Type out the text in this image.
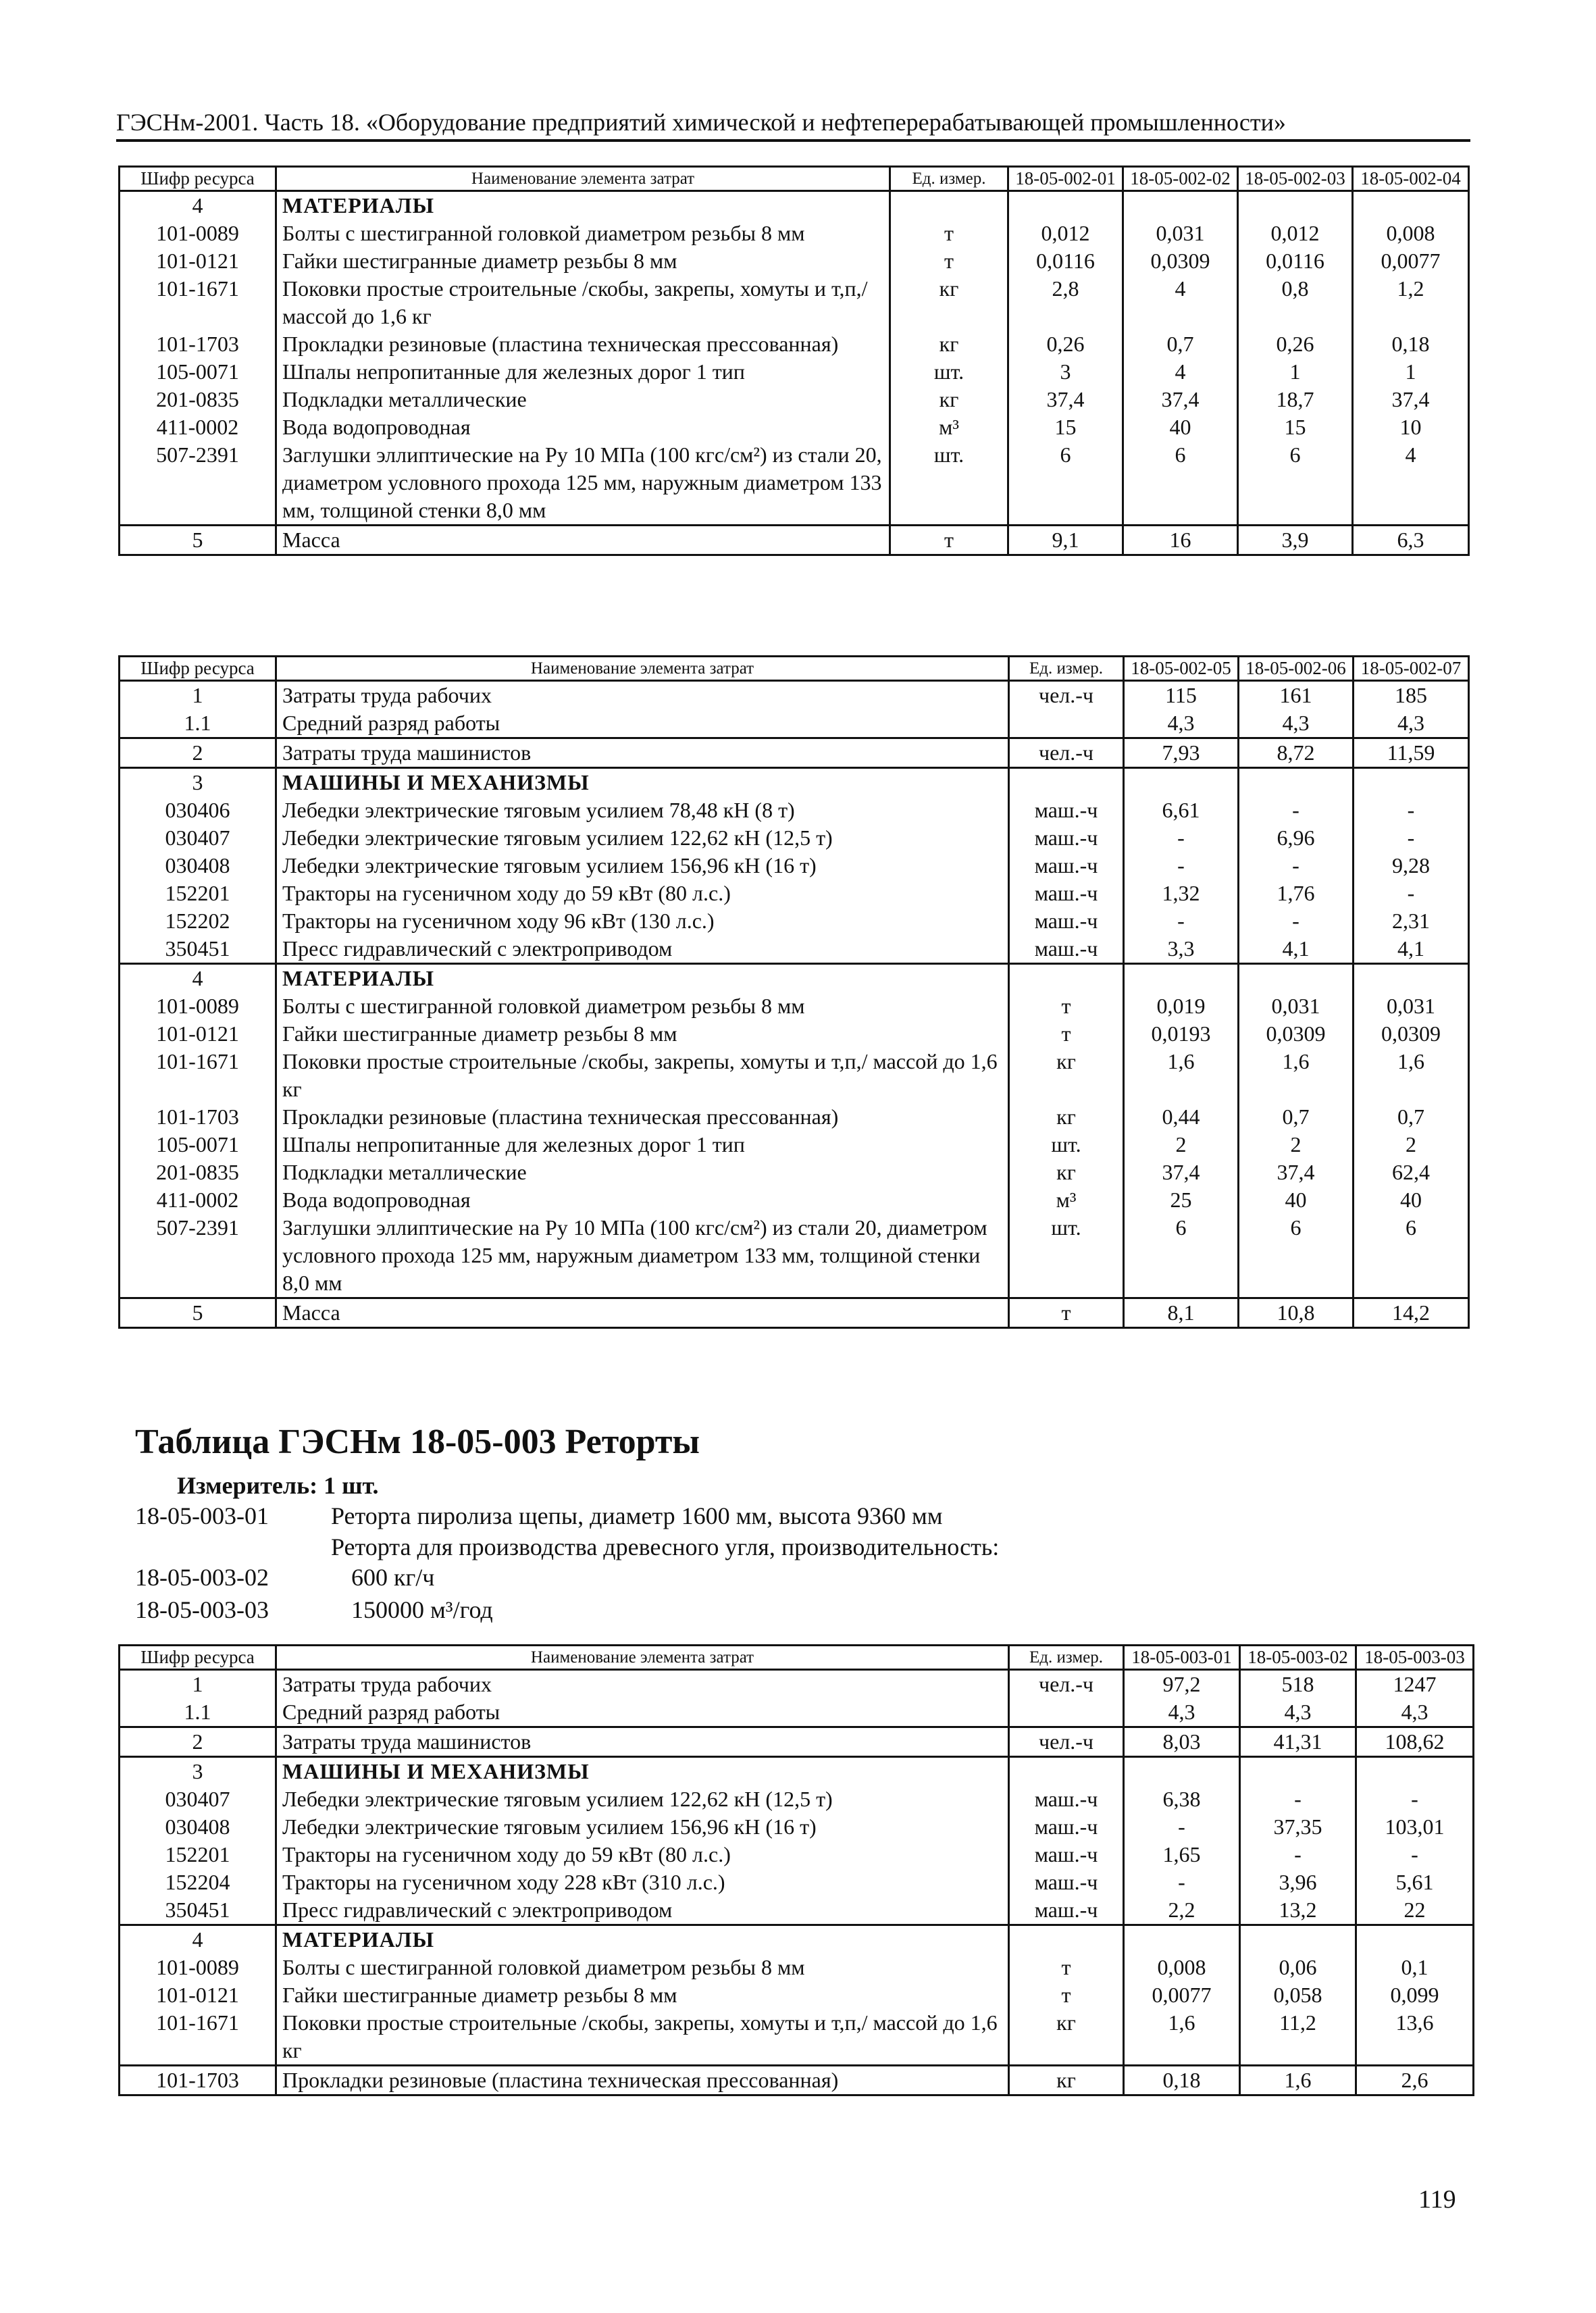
ГЭСНм-2001. Часть 18. «Оборудование предприятий химической и нефтеперерабатывающей промышленности»
Шифр ресурса	Наименование элемента затрат	Ед. измер.	18-05-002-01	18-05-002-02	18-05-002-03	18-05-002-04
4	МАТЕРИАЛЫ					
101-0089	Болты с шестигранной головкой диаметром резьбы 8 мм	т	0,012	0,031	0,012	0,008
101-0121	Гайки шестигранные диаметр резьбы 8 мм	т	0,0116	0,0309	0,0116	0,0077
101-1671	Поковки простые строительные /скобы, закрепы, хомуты и т,п,/ массой до 1,6 кг	кг	2,8	4	0,8	1,2
101-1703	Прокладки резиновые (пластина техническая прессованная)	кг	0,26	0,7	0,26	0,18
105-0071	Шпалы непропитанные для железных дорог 1 тип	шт.	3	4	1	1
201-0835	Подкладки металлические	кг	37,4	37,4	18,7	37,4
411-0002	Вода водопроводная	м³	15	40	15	10
507-2391	Заглушки эллиптические на Ру 10 МПа (100 кгс/см²) из стали 20, диаметром условного прохода 125 мм, наружным диаметром 133 мм, толщиной стенки 8,0 мм	шт.	6	6	6	4
5	Масса	т	9,1	16	3,9	6,3
Шифр ресурса	Наименование элемента затрат	Ед. измер.	18-05-002-05	18-05-002-06	18-05-002-07
1	Затраты труда рабочих	чел.-ч	115	161	185
1.1	Средний разряд работы		4,3	4,3	4,3
2	Затраты труда машинистов	чел.-ч	7,93	8,72	11,59
3	МАШИНЫ И МЕХАНИЗМЫ				
030406	Лебедки электрические тяговым усилием 78,48 кН (8 т)	маш.-ч	6,61	-	-
030407	Лебедки электрические тяговым усилием 122,62 кН (12,5 т)	маш.-ч	-	6,96	-
030408	Лебедки электрические тяговым усилием 156,96 кН (16 т)	маш.-ч	-	-	9,28
152201	Тракторы на гусеничном ходу до 59 кВт (80 л.с.)	маш.-ч	1,32	1,76	-
152202	Тракторы на гусеничном ходу 96 кВт (130 л.с.)	маш.-ч	-	-	2,31
350451	Пресс гидравлический с электроприводом	маш.-ч	3,3	4,1	4,1
4	МАТЕРИАЛЫ				
101-0089	Болты с шестигранной головкой диаметром резьбы 8 мм	т	0,019	0,031	0,031
101-0121	Гайки шестигранные диаметр резьбы 8 мм	т	0,0193	0,0309	0,0309
101-1671	Поковки простые строительные /скобы, закрепы, хомуты и т,п,/ массой до 1,6 кг	кг	1,6	1,6	1,6
101-1703	Прокладки резиновые (пластина техническая прессованная)	кг	0,44	0,7	0,7
105-0071	Шпалы непропитанные для железных дорог 1 тип	шт.	2	2	2
201-0835	Подкладки металлические	кг	37,4	37,4	62,4
411-0002	Вода водопроводная	м³	25	40	40
507-2391	Заглушки эллиптические на Ру 10 МПа (100 кгс/см²) из стали 20, диаметром условного прохода 125 мм, наружным диаметром 133 мм, толщиной стенки 8,0 мм	шт.	6	6	6
5	Масса	т	8,1	10,8	14,2
Таблица ГЭСНм 18-05-003 Реторты
Измеритель: 1 шт.
18-05-003-01	Реторта пиролиза щепы, диаметр 1600 мм, высота 9360 мм
Реторта для производства древесного угля, производительность:
18-05-003-02	600 кг/ч
18-05-003-03	150000 м³/год
Шифр ресурса	Наименование элемента затрат	Ед. измер.	18-05-003-01	18-05-003-02	18-05-003-03
1	Затраты труда рабочих	чел.-ч	97,2	518	1247
1.1	Средний разряд работы		4,3	4,3	4,3
2	Затраты труда машинистов	чел.-ч	8,03	41,31	108,62
3	МАШИНЫ И МЕХАНИЗМЫ				
030407	Лебедки электрические тяговым усилием 122,62 кН (12,5 т)	маш.-ч	6,38	-	-
030408	Лебедки электрические тяговым усилием 156,96 кН (16 т)	маш.-ч	-	37,35	103,01
152201	Тракторы на гусеничном ходу до 59 кВт (80 л.с.)	маш.-ч	1,65	-	-
152204	Тракторы на гусеничном ходу 228 кВт (310 л.с.)	маш.-ч	-	3,96	5,61
350451	Пресс гидравлический с электроприводом	маш.-ч	2,2	13,2	22
4	МАТЕРИАЛЫ				
101-0089	Болты с шестигранной головкой диаметром резьбы 8 мм	т	0,008	0,06	0,1
101-0121	Гайки шестигранные диаметр резьбы 8 мм	т	0,0077	0,058	0,099
101-1671	Поковки простые строительные /скобы, закрепы, хомуты и т,п,/ массой до 1,6 кг	кг	1,6	11,2	13,6
101-1703	Прокладки резиновые (пластина техническая прессованная)	кг	0,18	1,6	2,6
119
